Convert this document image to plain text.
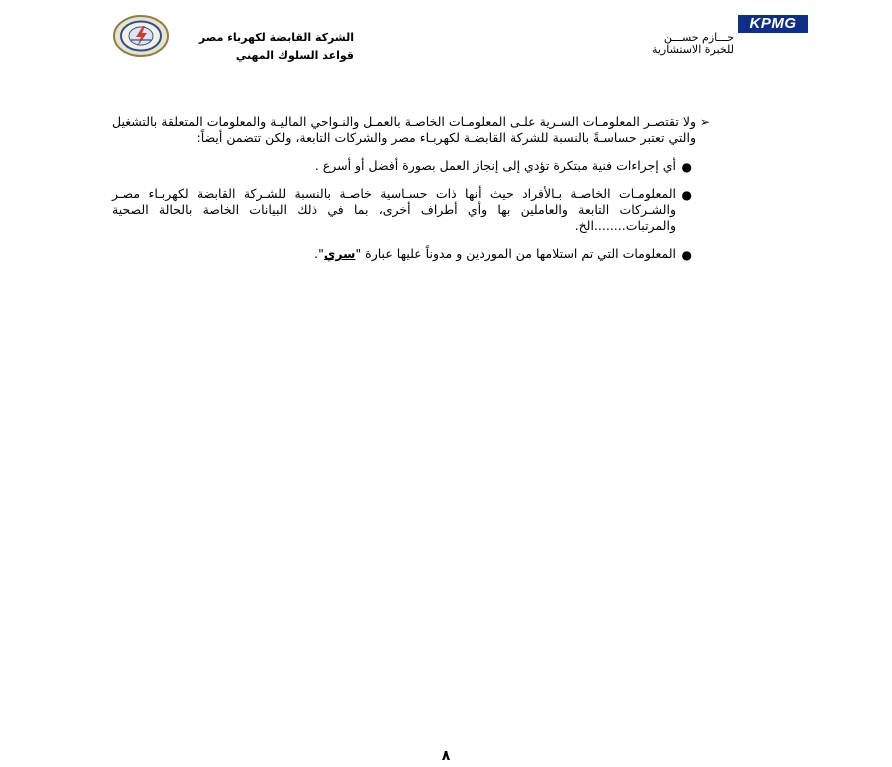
KPMG
حـــازم حســـن
للخبرة الاستشارية
الشركة القابضة لكهرباء مصر
قواعد السلوك المهني

➢
ولا تقتصـر المعلومـات السـرية علـى المعلومـات الخاصـة بالعمـل والنـواحي الماليـة والمعلومات المتعلقة بالتشغيل والتي تعتبر حساسـةً بالنسبة للشركة القابضـة لكهربـاء مصر والشركات التابعة، ولكن تتضمن أيضاً:

●
أي إجراءات فنية مبتكرة تؤدي إلى إنجاز العمل بصورة أفضل أو أسرع .
●
المعلومـات الخاصـة بـالأفراد حيث أنها ذات حسـاسية خاصـة بالنسبة للشـركة القابضة لكهربـاء مصـر والشـركات التابعة والعاملين بها وأي أطراف أخرى، بما في ذلك البيانات الخاصة بالحالة الصحية والمرتبات........الخ.
●
المعلومات التي تم استلامها من الموردين و مدوناً عليها عبارة "سري".
٨
